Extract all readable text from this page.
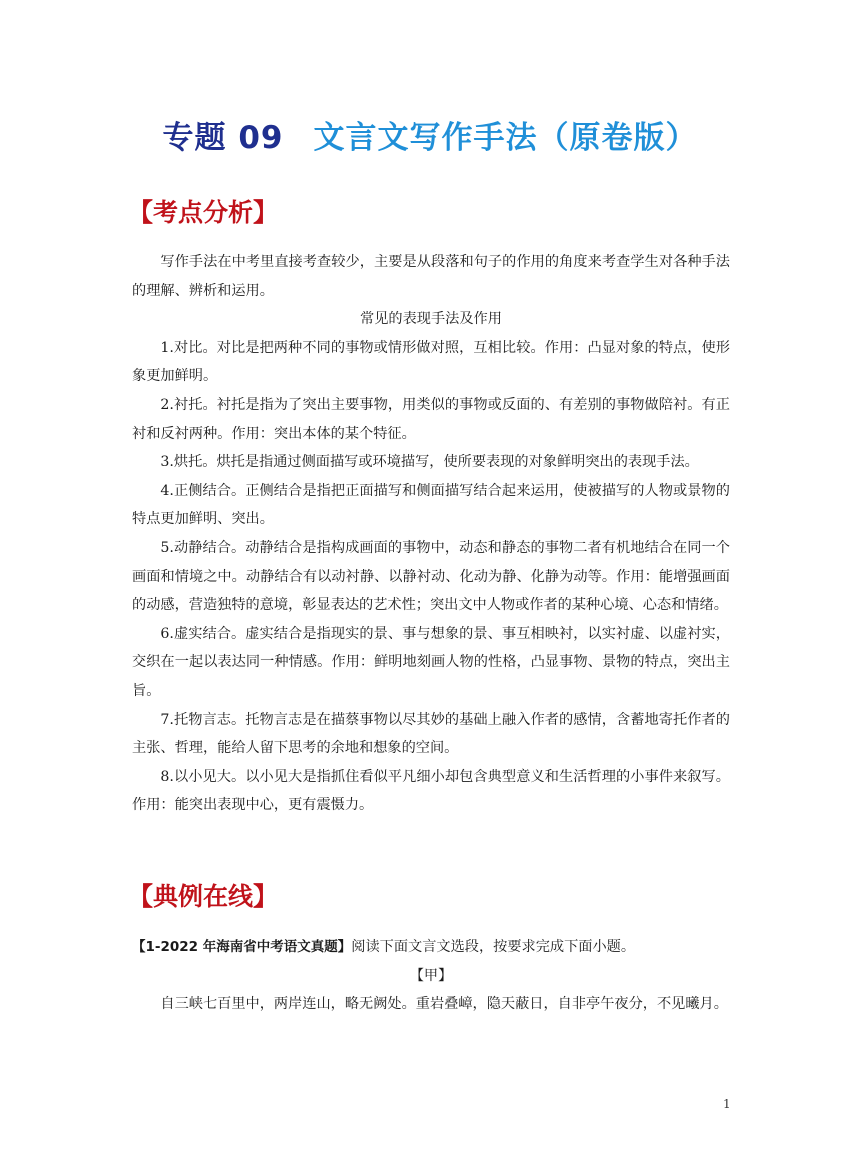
专题 09 文言文写作手法（原卷版）
【考点分析】

写作手法在中考里直接考查较少，主要是从段落和句子的作用的角度来考查学生对各种手法的理解、辨析和运用。

常见的表现手法及作用

1.对比。对比是把两种不同的事物或情形做对照，互相比较。作用：凸显对象的特点，使形象更加鲜明。

2.衬托。衬托是指为了突出主要事物，用类似的事物或反面的、有差别的事物做陪衬。有正衬和反衬两种。作用：突出本体的某个特征。

3.烘托。烘托是指通过侧面描写或环境描写，使所要表现的对象鲜明突出的表现手法。

4.正侧结合。正侧结合是指把正面描写和侧面描写结合起来运用，使被描写的人物或景物的特点更加鲜明、突出。

5.动静结合。动静结合是指构成画面的事物中，动态和静态的事物二者有机地结合在同一个画面和情境之中。动静结合有以动衬静、以静衬动、化动为静、化静为动等。作用：能增强画面的动感，营造独特的意境，彰显表达的艺术性；突出文中人物或作者的某种心境、心态和情绪。

6.虚实结合。虚实结合是指现实的景、事与想象的景、事互相映衬，以实衬虚、以虚衬实，交织在一起以表达同一种情感。作用：鲜明地刻画人物的性格，凸显事物、景物的特点，突出主旨。

7.托物言志。托物言志是在描蔡事物以尽其妙的基础上融入作者的感情，含蓄地寄托作者的主张、哲理，能给人留下思考的余地和想象的空间。

8.以小见大。以小见大是指抓住看似平凡细小却包含典型意义和生活哲理的小事件来叙写。作用：能突出表现中心，更有震慑力。

【典例在线】

【1-2022 年海南省中考语文真题】阅读下面文言文选段，按要求完成下面小题。

【甲】

自三峡七百里中，两岸连山，略无阙处。重岩叠嶂，隐天蔽日，自非亭午夜分，不见曦月。

1
